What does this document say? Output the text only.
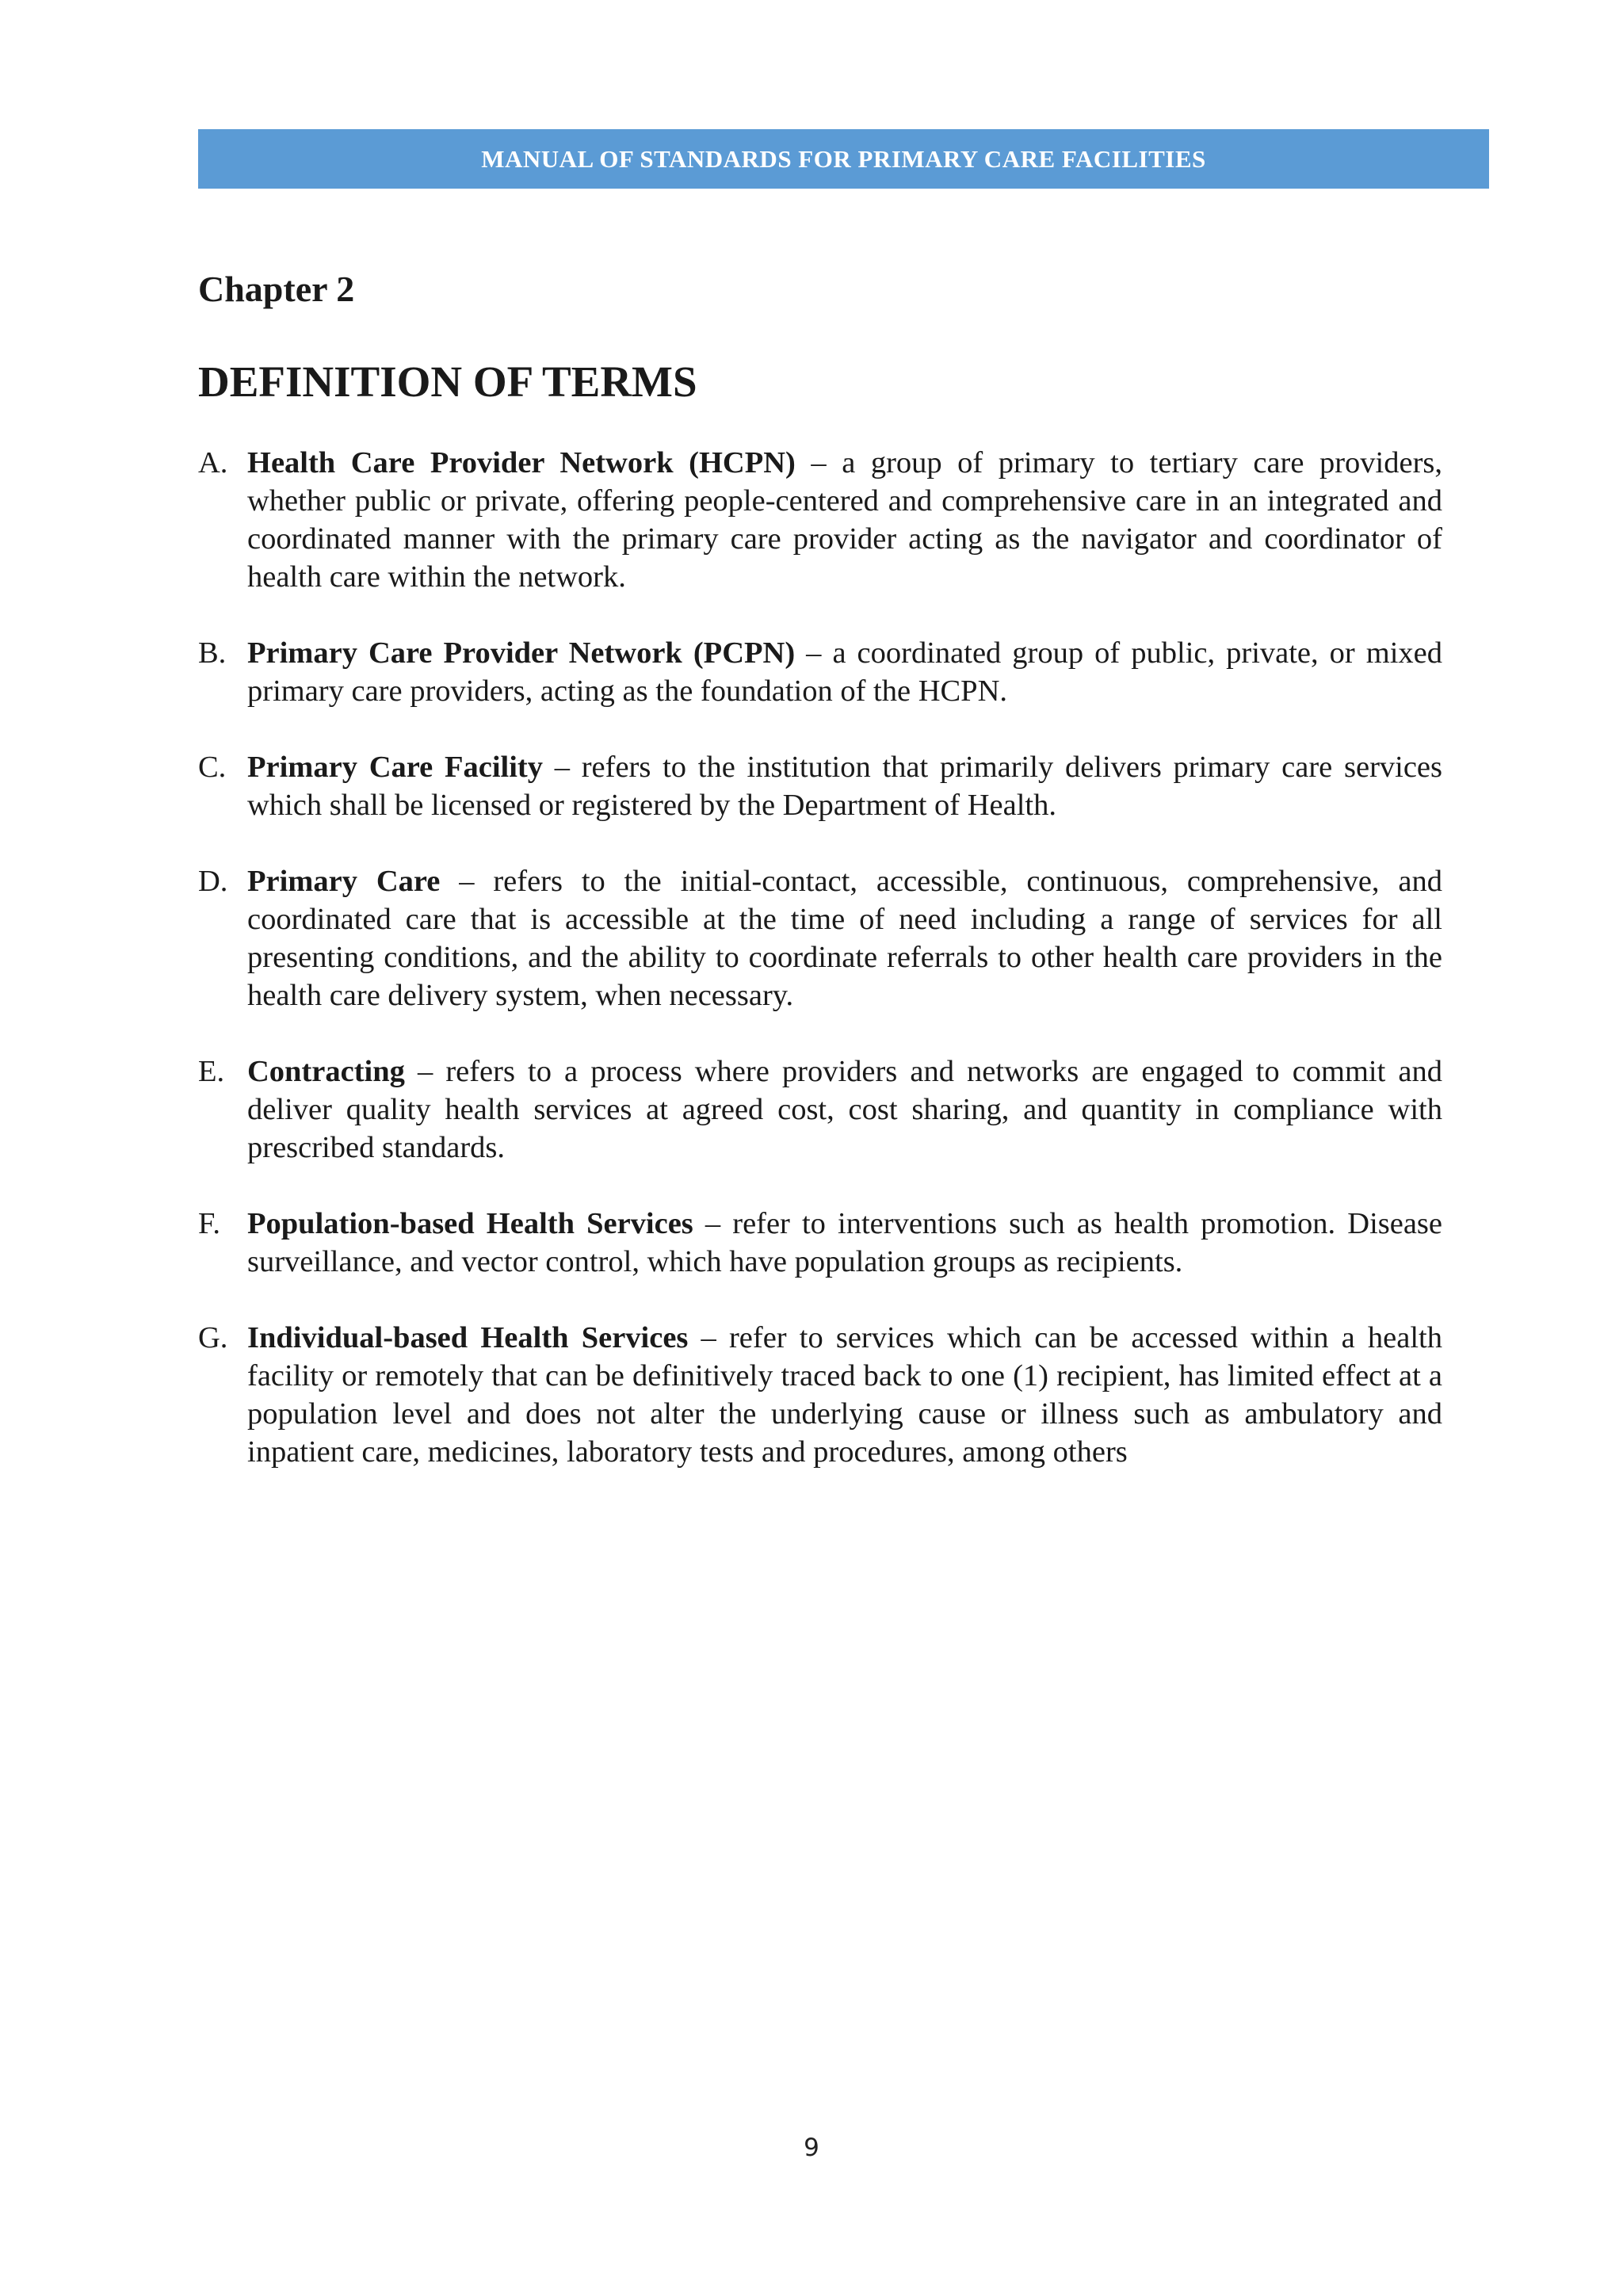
MANUAL OF STANDARDS FOR PRIMARY CARE FACILITIES
Chapter 2
DEFINITION OF TERMS
A. Health Care Provider Network (HCPN) – a group of primary to tertiary care providers, whether public or private, offering people-centered and comprehensive care in an integrated and coordinated manner with the primary care provider acting as the navigator and coordinator of health care within the network.
B. Primary Care Provider Network (PCPN) – a coordinated group of public, private, or mixed primary care providers, acting as the foundation of the HCPN.
C. Primary Care Facility – refers to the institution that primarily delivers primary care services which shall be licensed or registered by the Department of Health.
D. Primary Care – refers to the initial-contact, accessible, continuous, comprehensive, and coordinated care that is accessible at the time of need including a range of services for all presenting conditions, and the ability to coordinate referrals to other health care providers in the health care delivery system, when necessary.
E. Contracting – refers to a process where providers and networks are engaged to commit and deliver quality health services at agreed cost, cost sharing, and quantity in compliance with prescribed standards.
F. Population-based Health Services – refer to interventions such as health promotion. Disease surveillance, and vector control, which have population groups as recipients.
G. Individual-based Health Services – refer to services which can be accessed within a health facility or remotely that can be definitively traced back to one (1) recipient, has limited effect at a population level and does not alter the underlying cause or illness such as ambulatory and inpatient care, medicines, laboratory tests and procedures, among others
9
